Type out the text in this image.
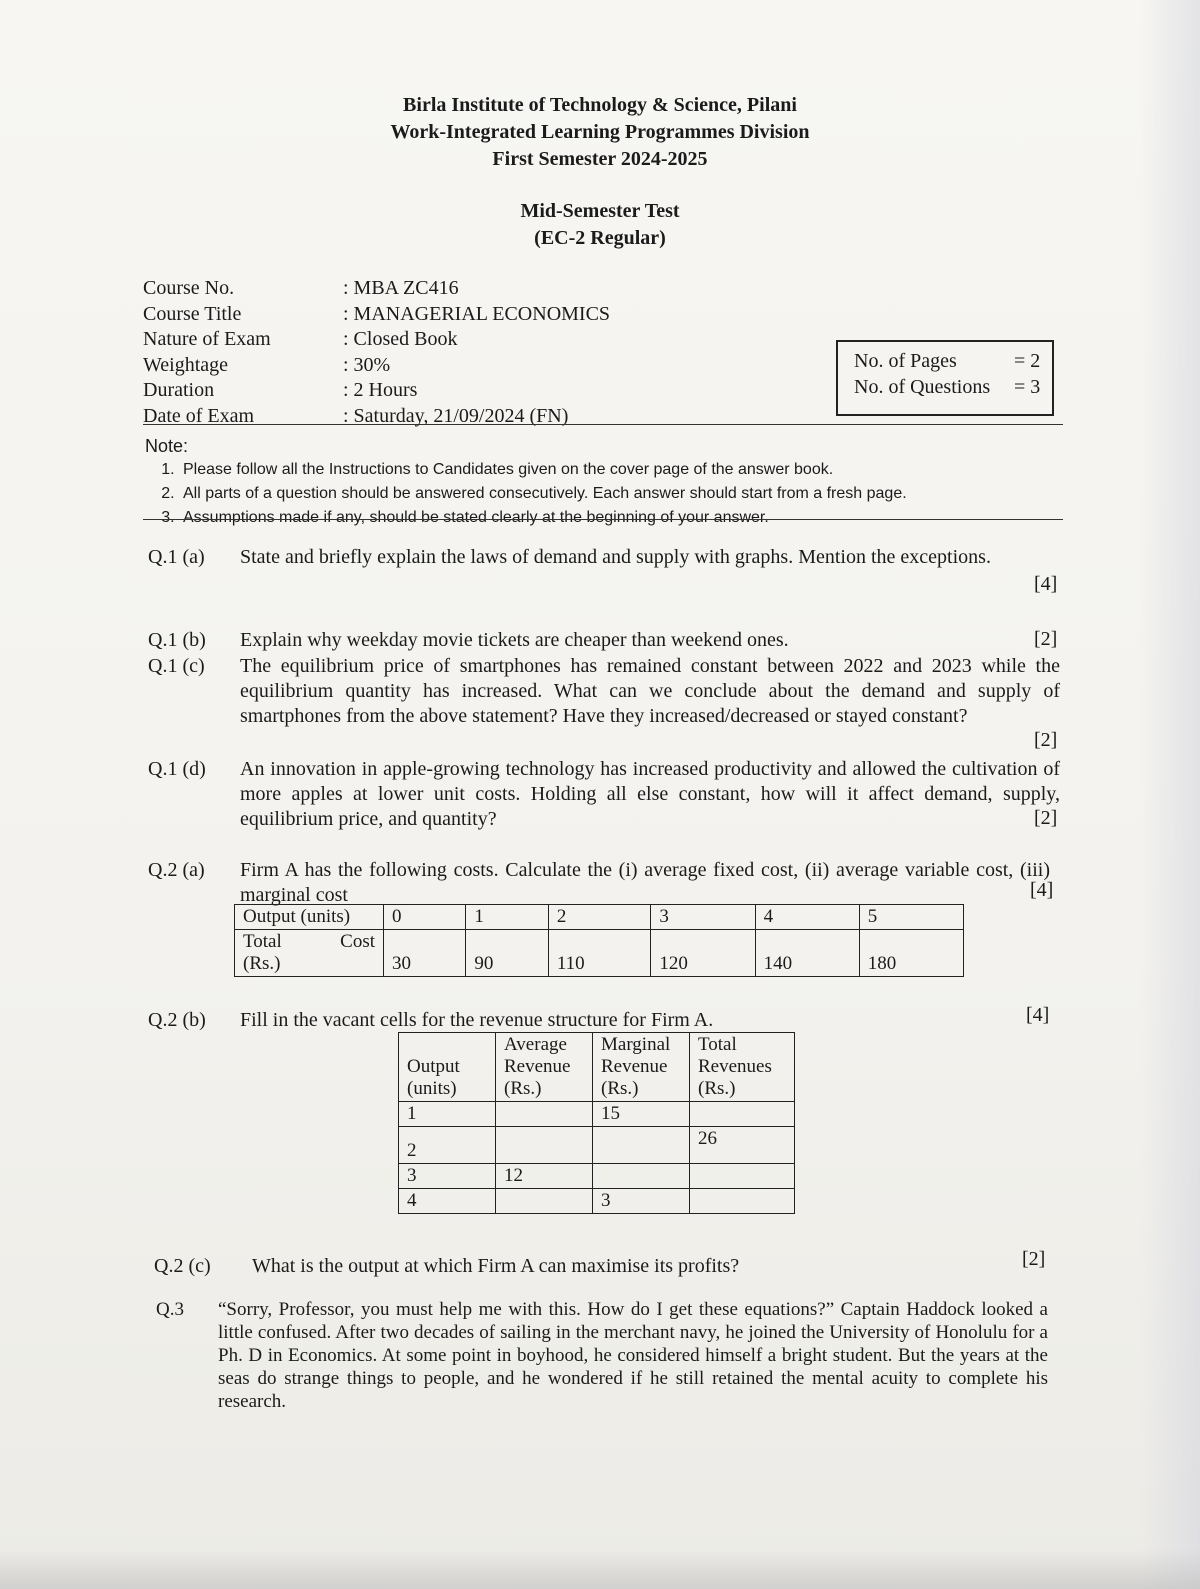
Birla Institute of Technology & Science, Pilani
Work-Integrated Learning Programmes Division
First Semester 2024-2025
Mid-Semester Test
(EC-2 Regular)
Course No.	: MBA ZC416
Course Title	: MANAGERIAL ECONOMICS
Nature of Exam	: Closed Book
Weightage	: 30%
Duration	: 2 Hours
Date of Exam	: Saturday, 21/09/2024 (FN)
No. of Pages	= 2
No. of Questions	= 3
Note:
1. Please follow all the Instructions to Candidates given on the cover page of the answer book.
2. All parts of a question should be answered consecutively. Each answer should start from a fresh page.
3. Assumptions made if any, should be stated clearly at the beginning of your answer.
Q.1 (a)	State and briefly explain the laws of demand and supply with graphs. Mention the exceptions.
[4]
Q.1 (b)	Explain why weekday movie tickets are cheaper than weekend ones.	[2]
Q.1 (c)	The equilibrium price of smartphones has remained constant between 2022 and 2023 while the equilibrium quantity has increased. What can we conclude about the demand and supply of smartphones from the above statement? Have they increased/decreased or stayed constant?
[2]
Q.1 (d)	An innovation in apple-growing technology has increased productivity and allowed the cultivation of more apples at lower unit costs. Holding all else constant, how will it affect demand, supply, equilibrium price, and quantity?	[2]
Q.2 (a)	Firm A has the following costs. Calculate the (i) average fixed cost, (ii) average variable cost, (iii) marginal cost	[4]
Output (units)	0	1	2	3	4	5

Total Cost
(Rs.)	30	90	110	120	140	180
Q.2 (b)	Fill in the vacant cells for the revenue structure for Firm A.	[4]
Output (units)	Average Revenue (Rs.)	Marginal Revenue (Rs.)	Total Revenues (Rs.)
1		15	
2			26
3	12		
4		3	
Q.2 (c)	What is the output at which Firm A can maximise its profits?	[2]
Q.3	“Sorry, Professor, you must help me with this. How do I get these equations?” Captain Haddock looked a little confused. After two decades of sailing in the merchant navy, he joined the University of Honolulu for a Ph. D in Economics. At some point in boyhood, he considered himself a bright student. But the years at the seas do strange things to people, and he wondered if he still retained the mental acuity to complete his research.
